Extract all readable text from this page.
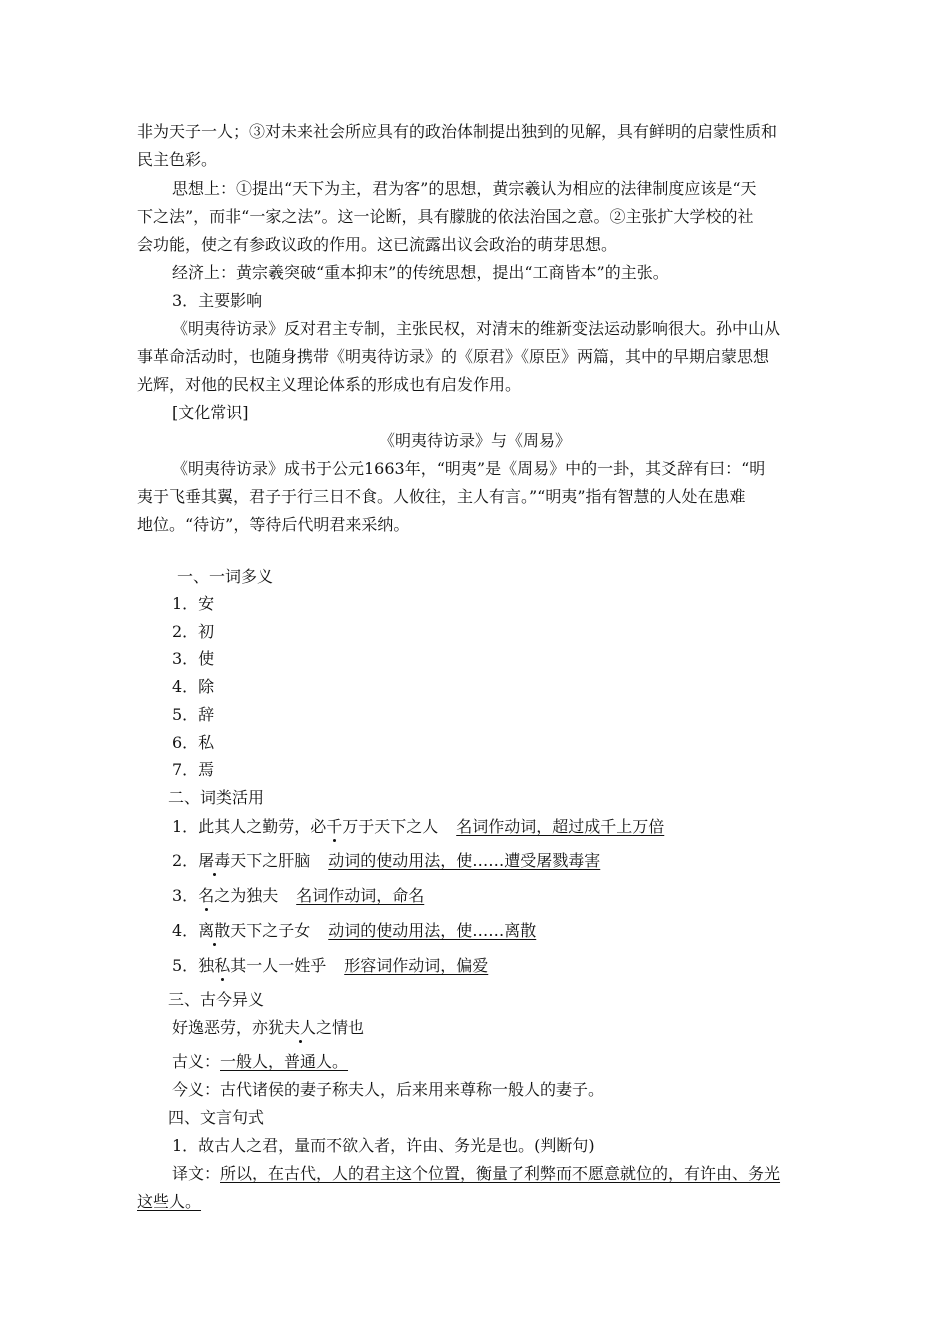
非为天子一人；③对未来社会所应具有的政治体制提出独到的见解，具有鲜明的启蒙性质和
民主色彩。
思想上：①提出“天下为主，君为客”的思想，黄宗羲认为相应的法律制度应该是“天
下之法”，而非“一家之法”。这一论断，具有朦胧的依法治国之意。②主张扩大学校的社
会功能，使之有参政议政的作用。这已流露出议会政治的萌芽思想。
经济上：黄宗羲突破“重本抑末”的传统思想，提出“工商皆本”的主张。
3．主要影响
《明夷待访录》反对君主专制，主张民权，对清末的维新变法运动影响很大。孙中山从
事革命活动时，也随身携带《明夷待访录》的《原君》《原臣》两篇，其中的早期启蒙思想
光辉，对他的民权主义理论体系的形成也有启发作用。
[文化常识]
《明夷待访录》与《周易》
《明夷待访录》成书于公元1663年，“明夷”是《周易》中的一卦，其爻辞有曰：“明
夷于飞垂其翼，君子于行三日不食。人攸往，主人有言。”“明夷”指有智慧的人处在患难
地位。“待访”，等待后代明君来采纳。
一、一词多义
1．安
2．初
3．使
4．除
5．辞
6．私
7．焉
二、词类活用
1．此其人之勤劳，必千万于天下之人 名词作动词，超过成千上万倍
2．屠毒天下之肝脑 动词的使动用法，使……遭受屠戮毒害
3．名之为独夫 名词作动词，命名
4．离散天下之子女 动词的使动用法，使……离散
5．独私其一人一姓乎 形容词作动词，偏爱
三、古今异义
好逸恶劳，亦犹夫人之情也
古义：一般人，普通人。
今义：古代诸侯的妻子称夫人，后来用来尊称一般人的妻子。
四、文言句式
1．故古人之君，量而不欲入者，许由、务光是也。(判断句)
译文：所以，在古代，人的君主这个位置，衡量了利弊而不愿意就位的，有许由、务光
这些人。
